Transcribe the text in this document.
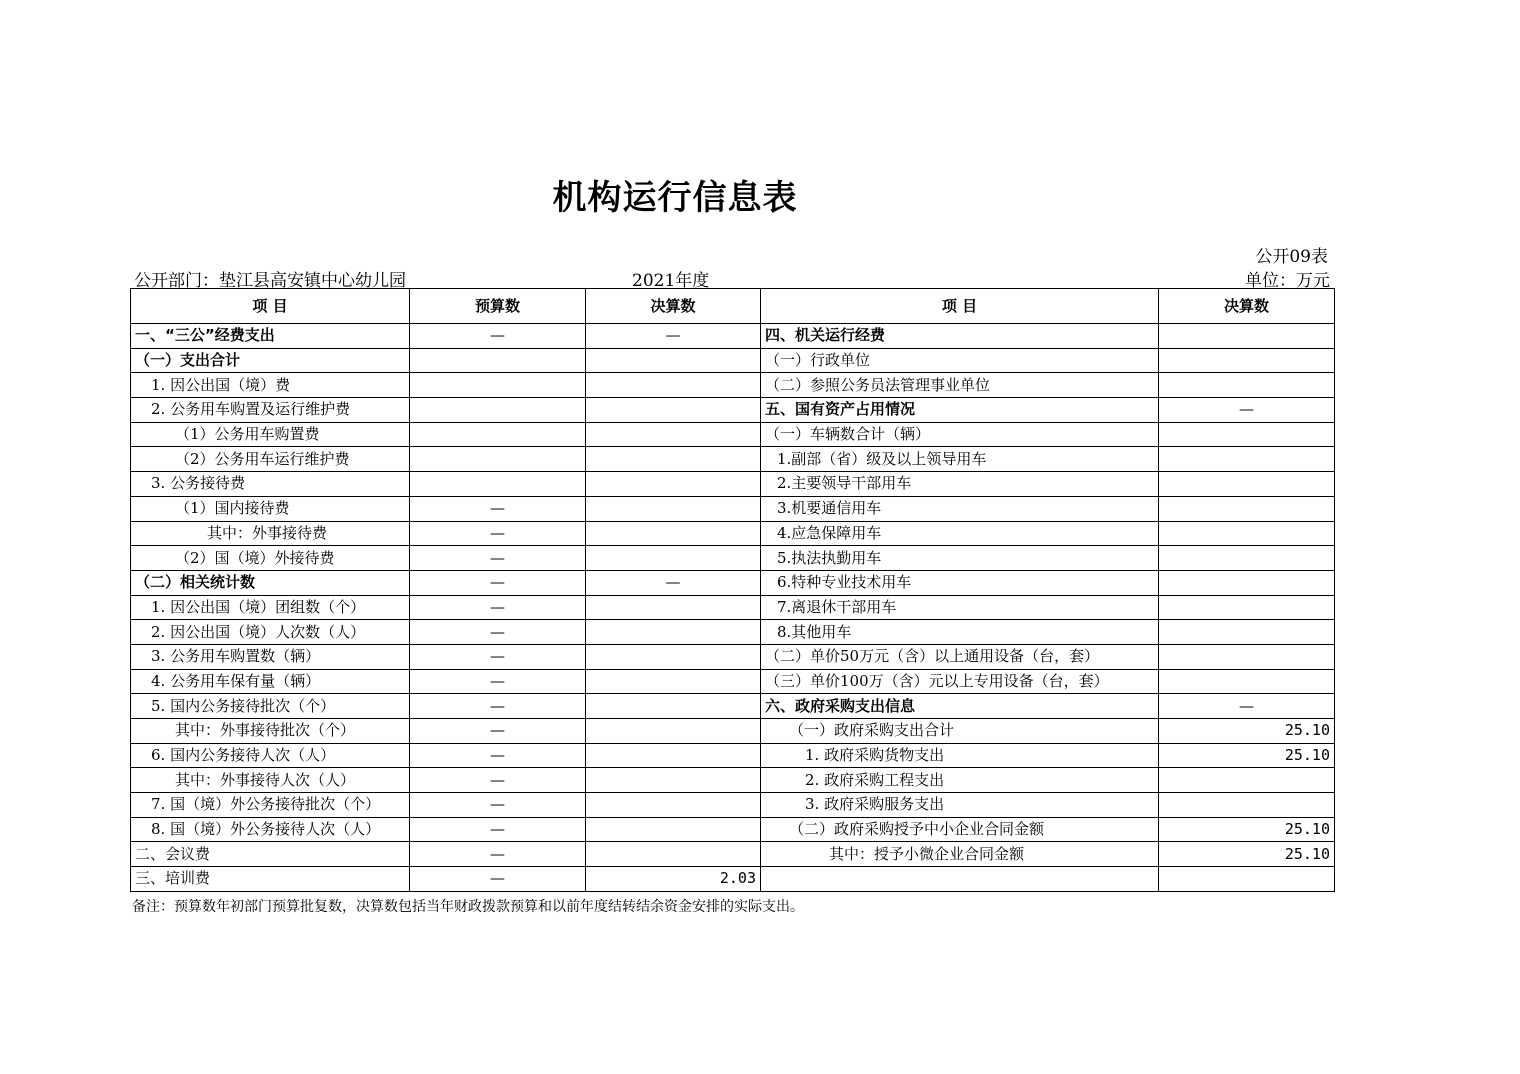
机构运行信息表
公开09表
公开部门：垫江县高安镇中心幼儿园	2021年度	单位：万元
项 目	预算数	决算数	项 目	决算数
一、“三公”经费支出	—	—	四、机关运行经费	
（一）支出合计			（一）行政单位	
1. 因公出国（境）费			（二）参照公务员法管理事业单位	
2. 公务用车购置及运行维护费			五、国有资产占用情况	—
（1）公务用车购置费			（一）车辆数合计（辆）	
（2）公务用车运行维护费			1.副部（省）级及以上领导用车	
3. 公务接待费			2.主要领导干部用车	
（1）国内接待费	—		3.机要通信用车	
其中：外事接待费	—		4.应急保障用车	
（2）国（境）外接待费	—		5.执法执勤用车	
（二）相关统计数	—	—	6.特种专业技术用车	
1. 因公出国（境）团组数（个）	—		7.离退休干部用车	
2. 因公出国（境）人次数（人）	—		8.其他用车	
3. 公务用车购置数（辆）	—		（二）单价50万元（含）以上通用设备（台，套）	
4. 公务用车保有量（辆）	—		（三）单价100万（含）元以上专用设备（台，套）	
5. 国内公务接待批次（个）	—		六、政府采购支出信息	—
其中：外事接待批次（个）	—		（一）政府采购支出合计	25.10
6. 国内公务接待人次（人）	—		1. 政府采购货物支出	25.10
其中：外事接待人次（人）	—		2. 政府采购工程支出	
7. 国（境）外公务接待批次（个）	—		3. 政府采购服务支出	
8. 国（境）外公务接待人次（人）	—		（二）政府采购授予中小企业合同金额	25.10
二、会议费	—		其中：授予小微企业合同金额	25.10
三、培训费	—	2.03		
备注：预算数年初部门预算批复数，决算数包括当年财政拨款预算和以前年度结转结余资金安排的实际支出。
